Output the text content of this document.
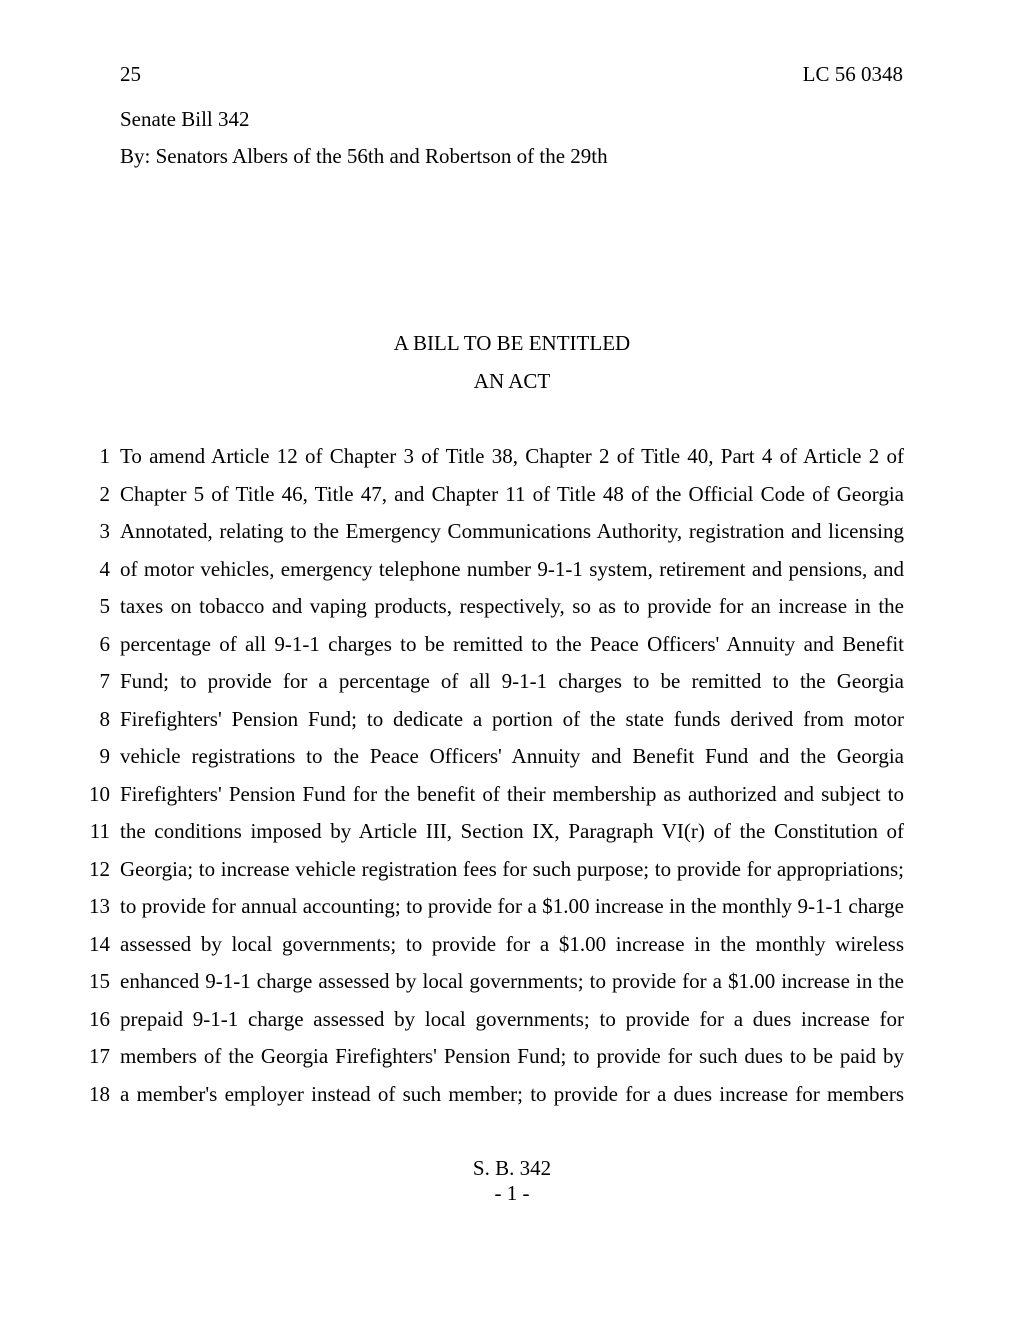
25	LC 56 0348
Senate Bill 342
By: Senators Albers of the 56th and Robertson of the 29th
A BILL TO BE ENTITLED
AN ACT
1 To amend Article 12 of Chapter 3 of Title 38, Chapter 2 of Title 40, Part 4 of Article 2 of
2 Chapter 5 of Title 46, Title 47, and Chapter 11 of Title 48 of the Official Code of Georgia
3 Annotated, relating to the Emergency Communications Authority, registration and licensing
4 of motor vehicles, emergency telephone number 9-1-1 system, retirement and pensions, and
5 taxes on tobacco and vaping products, respectively, so as to provide for an increase in the
6 percentage of all 9-1-1 charges to be remitted to the Peace Officers' Annuity and Benefit
7 Fund; to provide for a percentage of all 9-1-1 charges to be remitted to the Georgia
8 Firefighters' Pension Fund; to dedicate a portion of the state funds derived from motor
9 vehicle registrations to the Peace Officers' Annuity and Benefit Fund and the Georgia
10 Firefighters' Pension Fund for the benefit of their membership as authorized and subject to
11 the conditions imposed by Article III, Section IX, Paragraph VI(r) of the Constitution of
12 Georgia; to increase vehicle registration fees for such purpose; to provide for appropriations;
13 to provide for annual accounting; to provide for a $1.00 increase in the monthly 9-1-1 charge
14 assessed by local governments; to provide for a $1.00 increase in the monthly wireless
15 enhanced 9-1-1 charge assessed by local governments; to provide for a $1.00 increase in the
16 prepaid 9-1-1 charge assessed by local governments; to provide for a dues increase for
17 members of the Georgia Firefighters' Pension Fund; to provide for such dues to be paid by
18 a member's employer instead of such member; to provide for a dues increase for members
S. B. 342
- 1 -
